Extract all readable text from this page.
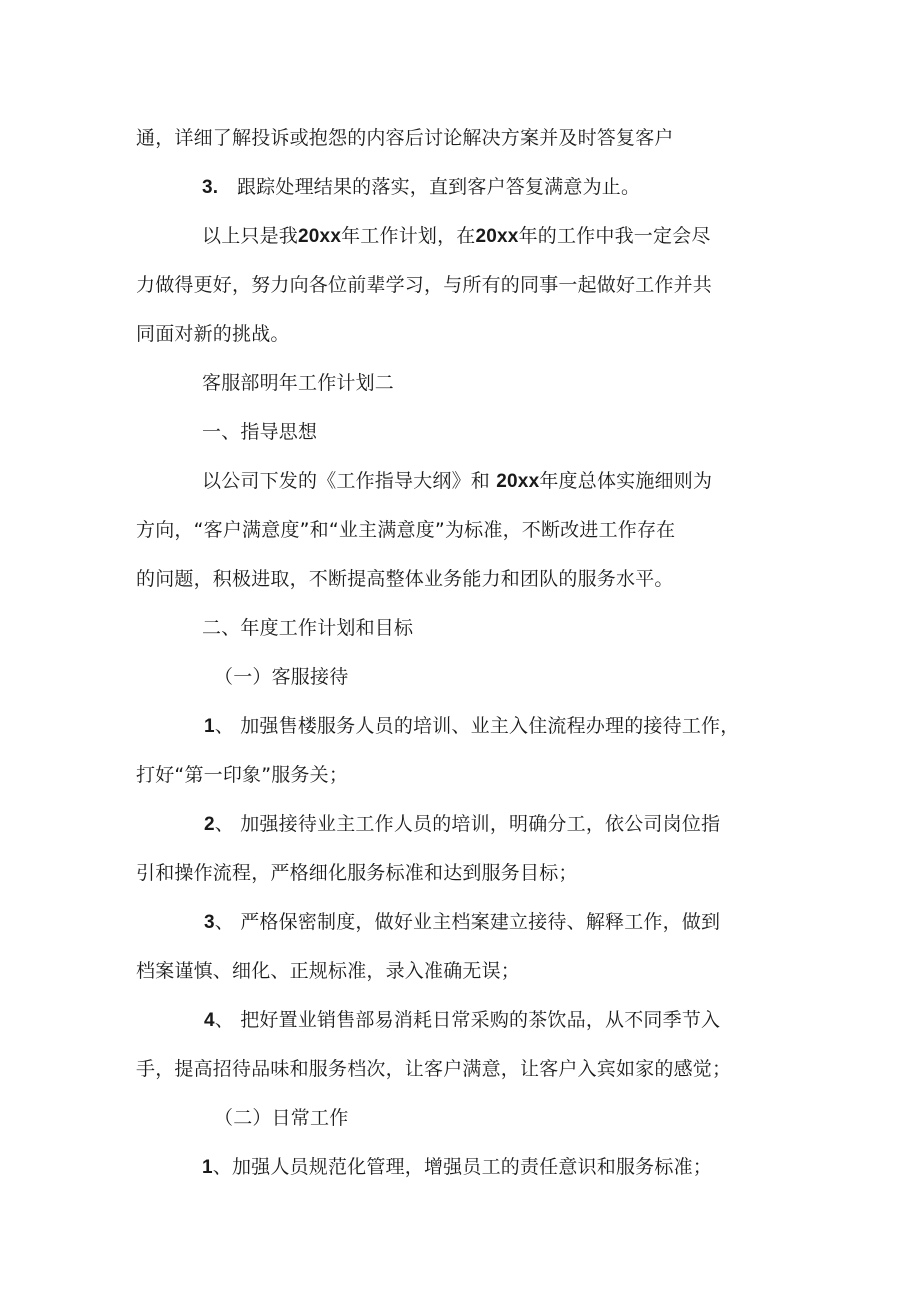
通，详细了解投诉或抱怨的内容后讨论解决方案并及时答复客户
3. 跟踪处理结果的落实，直到客户答复满意为止。
以上只是我20xx年工作计划，在20xx年的工作中我一定会尽
力做得更好，努力向各位前辈学习，与所有的同事一起做好工作并共
同面对新的挑战。
客服部明年工作计划二
一、指导思想
以公司下发的《工作指导大纲》和 20xx年度总体实施细则为
方向，“客户满意度”和“业主满意度”为标准，不断改进工作存在
的问题，积极进取，不断提高整体业务能力和团队的服务水平。
二、年度工作计划和目标
（一）客服接待
1、 加强售楼服务人员的培训、业主入住流程办理的接待工作，
打好“第一印象”服务关；
2、 加强接待业主工作人员的培训，明确分工，依公司岗位指
引和操作流程，严格细化服务标准和达到服务目标；
3、 严格保密制度，做好业主档案建立接待、解释工作，做到
档案谨慎、细化、正规标准，录入准确无误；
4、 把好置业销售部易消耗日常采购的茶饮品，从不同季节入
手，提高招待品味和服务档次，让客户满意，让客户入宾如家的感觉；
（二）日常工作
1、加强人员规范化管理，增强员工的责任意识和服务标准；
